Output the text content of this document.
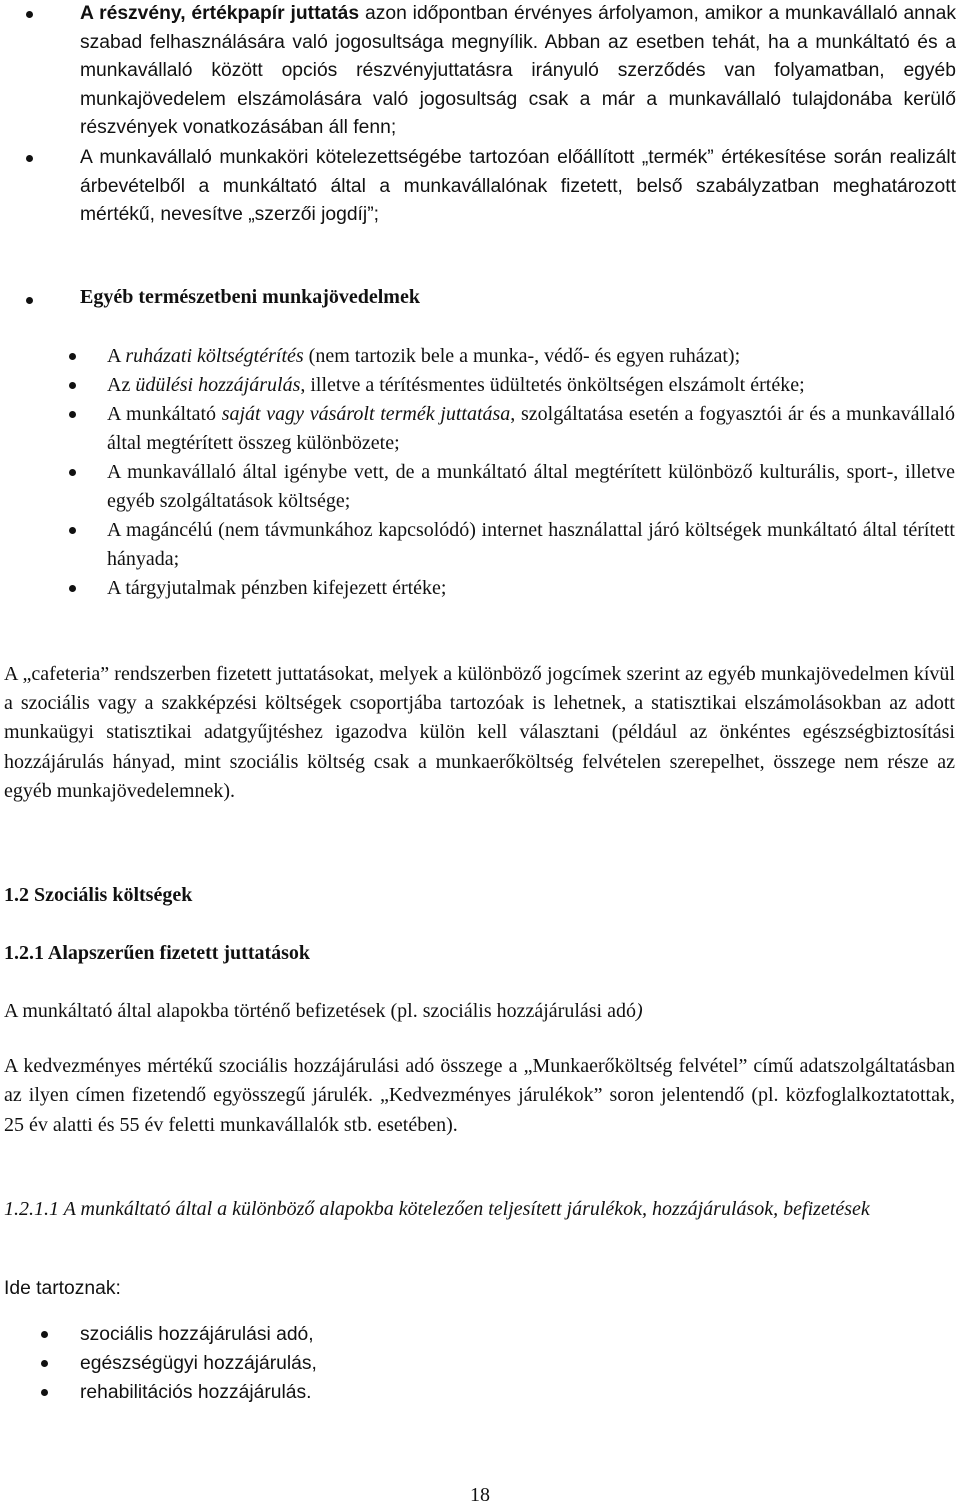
A részvény, értékpapír juttatás azon időpontban érvényes árfolyamon, amikor a munkavállaló annak szabad felhasználására való jogosultsága megnyílik. Abban az esetben tehát, ha a munkáltató és a munkavállaló között opciós részvényjuttatásra irányuló szerződés van folyamatban, egyéb munkajövedelem elszámolására való jogosultság csak a már a munkavállaló tulajdonába kerülő részvények vonatkozásában áll fenn;
A munkavállaló munkaköri kötelezettségébe tartozóan előállított „termék” értékesítése során realizált árbevételből a munkáltató által a munkavállalónak fizetett, belső szabályzatban meghatározott mértékű, nevesítve „szerzői jogdíj”;
Egyéb természetbeni munkajövedelmek
A ruházati költségtérítés (nem tartozik bele a munka-, védő- és egyen ruházat);
Az üdülési hozzájárulás, illetve a térítésmentes üdültetés önköltségen elszámolt értéke;
A munkáltató saját vagy vásárolt termék juttatása, szolgáltatása esetén a fogyasztói ár és a munkavállaló által megtérített összeg különbözete;
A munkavállaló által igénybe vett, de a munkáltató által megtérített különböző kulturális, sport-, illetve egyéb szolgáltatások költsége;
A magáncélú (nem távmunkához kapcsolódó) internet használattal járó költségek munkáltató által térített hányada;
A tárgyjutalmak pénzben kifejezett értéke;
A „cafeteria” rendszerben fizetett juttatásokat, melyek a különböző jogcímek szerint az egyéb munkajövedelmen kívül a szociális vagy a szakképzési költségek csoportjába tartozóak is lehetnek, a statisztikai elszámolásokban az adott munkaügyi statisztikai adatgyűjtéshez igazodva külön kell választani (például az önkéntes egészségbiztosítási hozzájárulás hányad, mint szociális költség csak a munkaerőköltség felvételen szerepelhet, összege nem része az egyéb munkajövedelemnek).
1.2 Szociális költségek
1.2.1 Alapszerűen fizetett juttatások
A munkáltató által alapokba történő befizetések (pl. szociális hozzájárulási adó)
A kedvezményes mértékű szociális hozzájárulási adó összege a „Munkaerőköltség felvétel” című adatszolgáltatásban az ilyen címen fizetendő egyösszegű járulék. „Kedvezményes járulékok” soron jelentendő (pl. közfoglalkoztatottak, 25 év alatti és 55 év feletti munkavállalók stb. esetében).
1.2.1.1 A munkáltató által a különböző alapokba kötelezően teljesített járulékok, hozzájárulások, befizetések
Ide tartoznak:
szociális hozzájárulási adó,
egészségügyi hozzájárulás,
rehabilitációs hozzájárulás.
18
